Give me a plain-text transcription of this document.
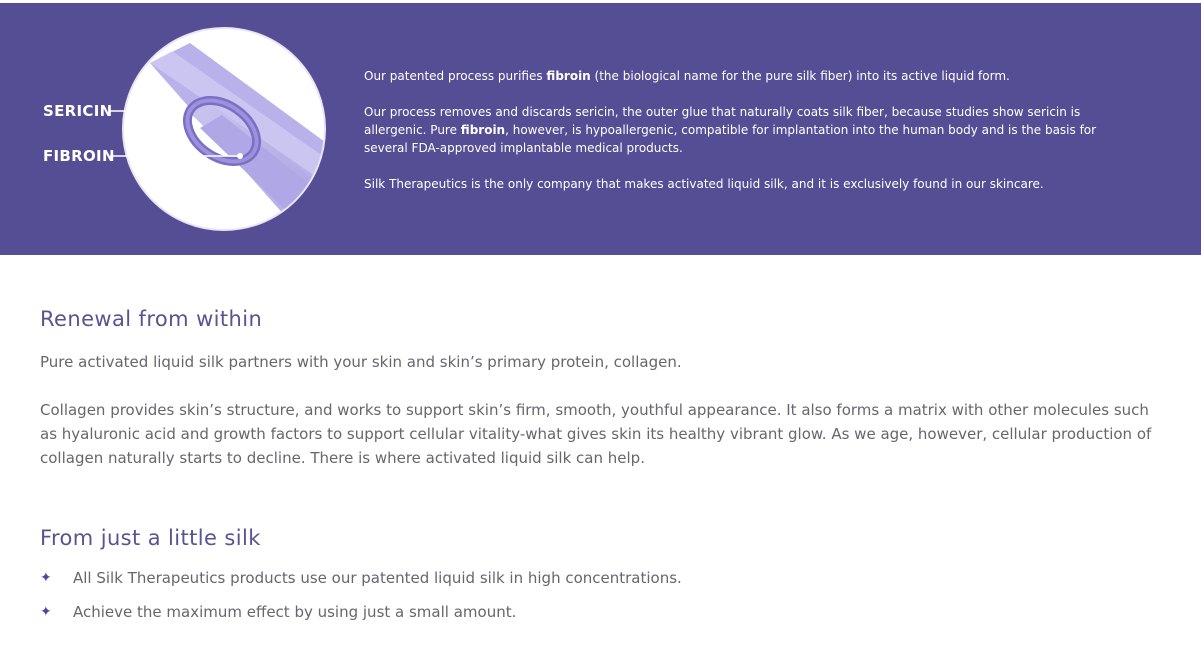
SERICIN
FIBROIN

Our patented process purifies fibroin (the biological name for the pure silk fiber) into its active liquid form.

Our process removes and discards sericin, the outer glue that naturally coats silk fiber, because studies show sericin is allergenic. Pure fibroin, however, is hypoallergenic, compatible for implantation into the human body and is the basis for several FDA-approved implantable medical products.

Silk Therapeutics is the only company that makes activated liquid silk, and it is exclusively found in our skincare.

Renewal from within

Pure activated liquid silk partners with your skin and skin’s primary protein, collagen.

Collagen provides skin’s structure, and works to support skin’s firm, smooth, youthful appearance. It also forms a matrix with other molecules such as hyaluronic acid and growth factors to support cellular vitality-what gives skin its healthy vibrant glow. As we age, however, cellular production of collagen naturally starts to decline. There is where activated liquid silk can help.

From just a little silk
✦ All Silk Therapeutics products use our patented liquid silk in high concentrations.
✦ Achieve the maximum effect by using just a small amount.
